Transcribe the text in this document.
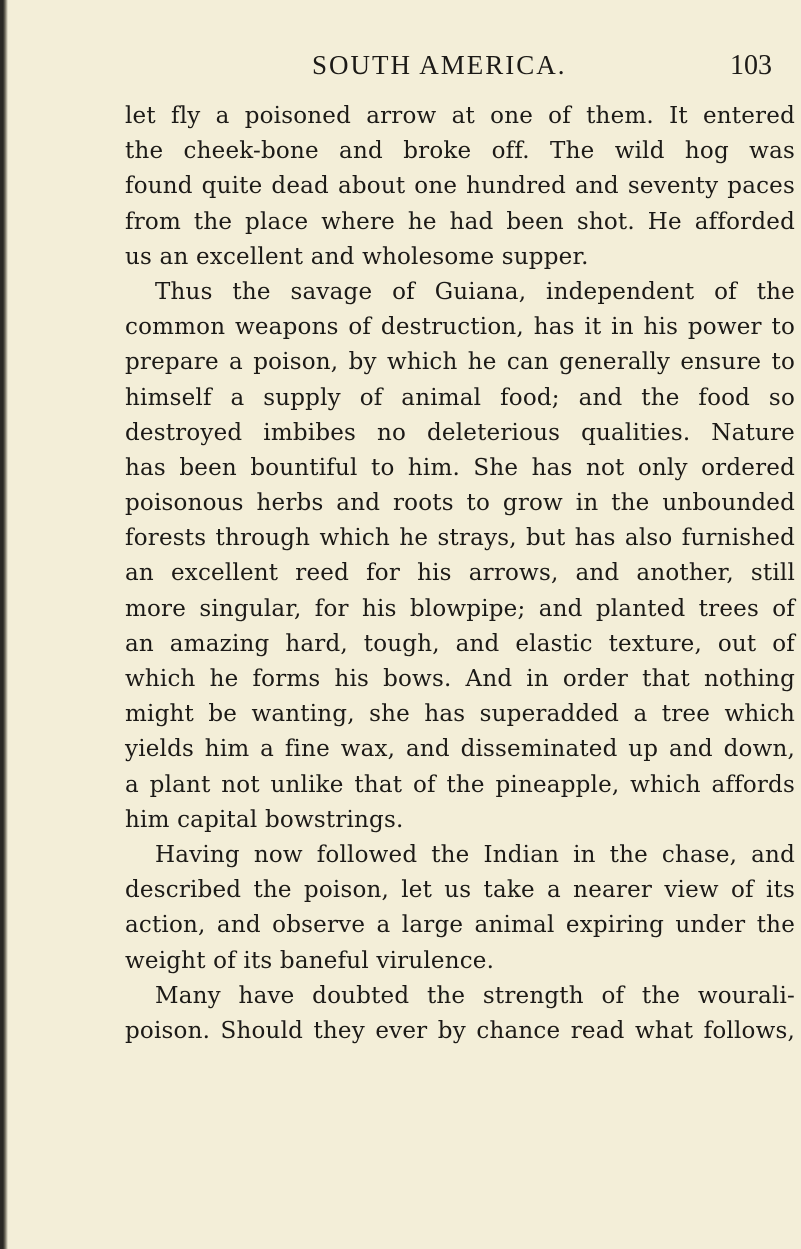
SOUTH AMERICA.	103
let fly a poisoned arrow at one of them. It entered
the cheek-bone and broke off. The wild hog was
found quite dead about one hundred and seventy paces
from the place where he had been shot. He afforded
us an excellent and wholesome supper.
Thus the savage of Guiana, independent of the
common weapons of destruction, has it in his power to
prepare a poison, by which he can generally ensure to
himself a supply of animal food; and the food so
destroyed imbibes no deleterious qualities. Nature
has been bountiful to him. She has not only ordered
poisonous herbs and roots to grow in the unbounded
forests through which he strays, but has also furnished
an excellent reed for his arrows, and another, still
more singular, for his blowpipe; and planted trees of
an amazing hard, tough, and elastic texture, out of
which he forms his bows. And in order that nothing
might be wanting, she has superadded a tree which
yields him a fine wax, and disseminated up and down,
a plant not unlike that of the pineapple, which affords
him capital bowstrings.
Having now followed the Indian in the chase, and
described the poison, let us take a nearer view of its
action, and observe a large animal expiring under the
weight of its baneful virulence.
Many have doubted the strength of the wourali-
poison. Should they ever by chance read what follows,
